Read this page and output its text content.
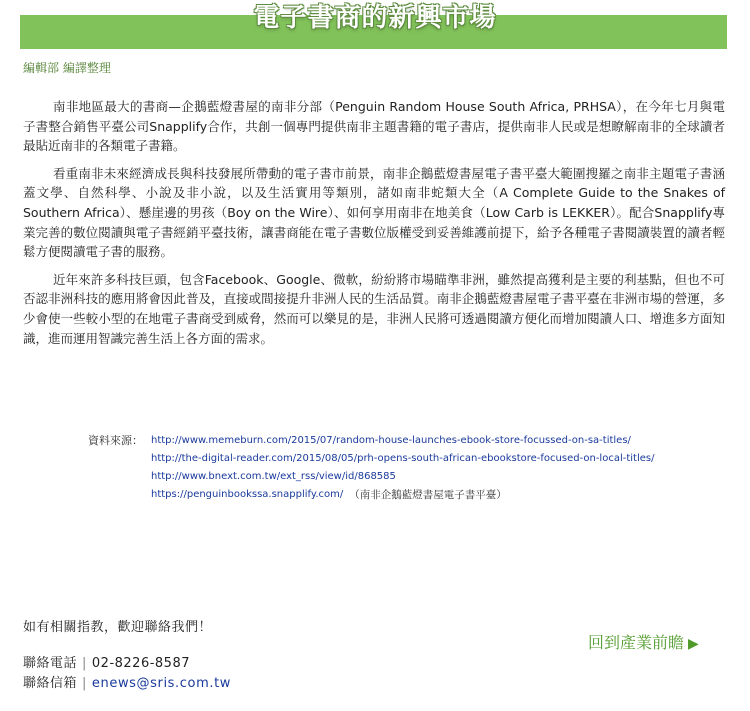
電子書商的新興市場
編輯部 編譯整理

南非地區最大的書商—企鵝藍燈書屋的南非分部（Penguin Random House South Africa, PRHSA），在今年七月與電子書整合銷售平臺公司Snapplify合作，共創一個專門提供南非主題書籍的電子書店，提供南非人民或是想瞭解南非的全球讀者最貼近南非的各類電子書籍。

看重南非未來經濟成長與科技發展所帶動的電子書市前景，南非企鵝藍燈書屋電子書平臺大範圍搜羅之南非主題電子書涵蓋文學、自然科學、小說及非小說，以及生活實用等類別，諸如南非蛇類大全（A Complete Guide to the Snakes of Southern Africa）、懸崖邊的男孩（Boy on the Wire）、如何享用南非在地美食（Low Carb is LEKKER）。配合Snapplify專業完善的數位閱讀與電子書經銷平臺技術，讓書商能在電子書數位版權受到妥善維護前提下，給予各種電子書閱讀裝置的讀者輕鬆方便閱讀電子書的服務。

近年來許多科技巨頭，包含Facebook、Google、微軟，紛紛將市場瞄準非洲，雖然提高獲利是主要的利基點，但也不可否認非洲科技的應用將會因此普及，直接或間接提升非洲人民的生活品質。南非企鵝藍燈書屋電子書平臺在非洲市場的營運，多少會使一些較小型的在地電子書商受到威脅，然而可以樂見的是，非洲人民將可透過閱讀方便化而增加閱讀人口、增進多方面知識，進而運用智識完善生活上各方面的需求。

資料來源： http://www.memeburn.com/2015/07/random-house-launches-ebook-store-focussed-on-sa-titles/
http://the-digital-reader.com/2015/08/05/prh-opens-south-african-ebookstore-focused-on-local-titles/
http://www.bnext.com.tw/ext_rss/view/id/868585
https://penguinbookssa.snapplify.com/ （南非企鵝藍燈書屋電子書平臺）
如有相關指教，歡迎聯絡我們！
聯絡電話 | 02-8226-8587
聯絡信箱 | enews@sris.com.tw
回到產業前瞻 ▶
